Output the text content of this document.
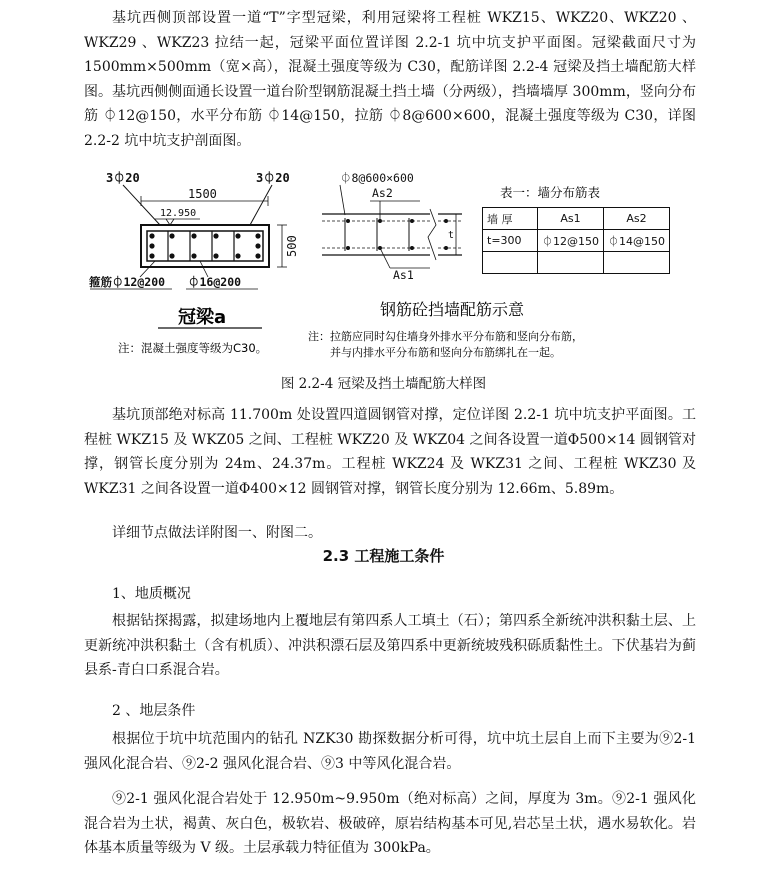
基坑西侧顶部设置一道“T”字型冠梁，利用冠梁将工程桩 WKZ15、WKZ20、WKZ20 、WKZ29 、WKZ23 拉结一起，冠梁平面位置详图 2.2-1 坑中坑支护平面图。冠梁截面尺寸为 1500mm×500mm（宽×高），混凝土强度等级为 C30，配筋详图 2.2-4 冠梁及挡土墙配筋大样图。基坑西侧侧面通长设置一道台阶型钢筋混凝土挡土墙（分两级），挡墙墙厚 300mm，竖向分布筋 ⏀12@150，水平分布筋 ⏀14@150，拉筋 ⏀8@600×600，混凝土强度等级为 C30，详图 2.2-2 坑中坑支护剖面图。

3⏀20	3⏀20
1500
12.950
500
箍筋⏀12@200 ⏀16@200
冠梁a
注：混凝土强度等级为C30。
⏀8@600×600
As2
t
As1
钢筋砼挡墙配筋示意
注：拉筋应同时勾住墙身外排水平分布筋和竖向分布筋，
并与内排水平分布筋和竖向分布筋绑扎在一起。
表一：墙分布筋表
墙 厚	As1	As2
t=300	⏀12@150	⏀14@150

图 2.2-4 冠梁及挡土墙配筋大样图

基坑顶部绝对标高 11.700m 处设置四道圆钢管对撑，定位详图 2.2-1 坑中坑支护平面图。工程桩 WKZ15 及 WKZ05 之间、工程桩 WKZ20 及 WKZ04 之间各设置一道Φ500×14 圆钢管对撑，钢管长度分别为 24m、24.37m。工程桩 WKZ24 及 WKZ31 之间、工程桩 WKZ30 及 WKZ31 之间各设置一道Φ400×12 圆钢管对撑，钢管长度分别为 12.66m、5.89m。

详细节点做法详附图一、附图二。

2.3 工程施工条件

1、地质概况

根据钻探揭露，拟建场地内上覆地层有第四系人工填土（石）；第四系全新统冲洪积黏土层、上更新统冲洪积黏土（含有机质）、冲洪积漂石层及第四系中更新统坡残积砾质黏性土。下伏基岩为蓟县系-青白口系混合岩。

2 、地层条件

根据位于坑中坑范围内的钻孔 NZK30 勘探数据分析可得，坑中坑土层自上而下主要为⑨2-1 强风化混合岩、⑨2-2 强风化混合岩、⑨3 中等风化混合岩。

⑨2-1 强风化混合岩处于 12.950m~9.950m（绝对标高）之间，厚度为 3m。⑨2-1 强风化混合岩为土状，褐黄、灰白色，极软岩、极破碎，原岩结构基本可见,岩芯呈土状，遇水易软化。岩体基本质量等级为 V 级。土层承载力特征值为 300kPa。
